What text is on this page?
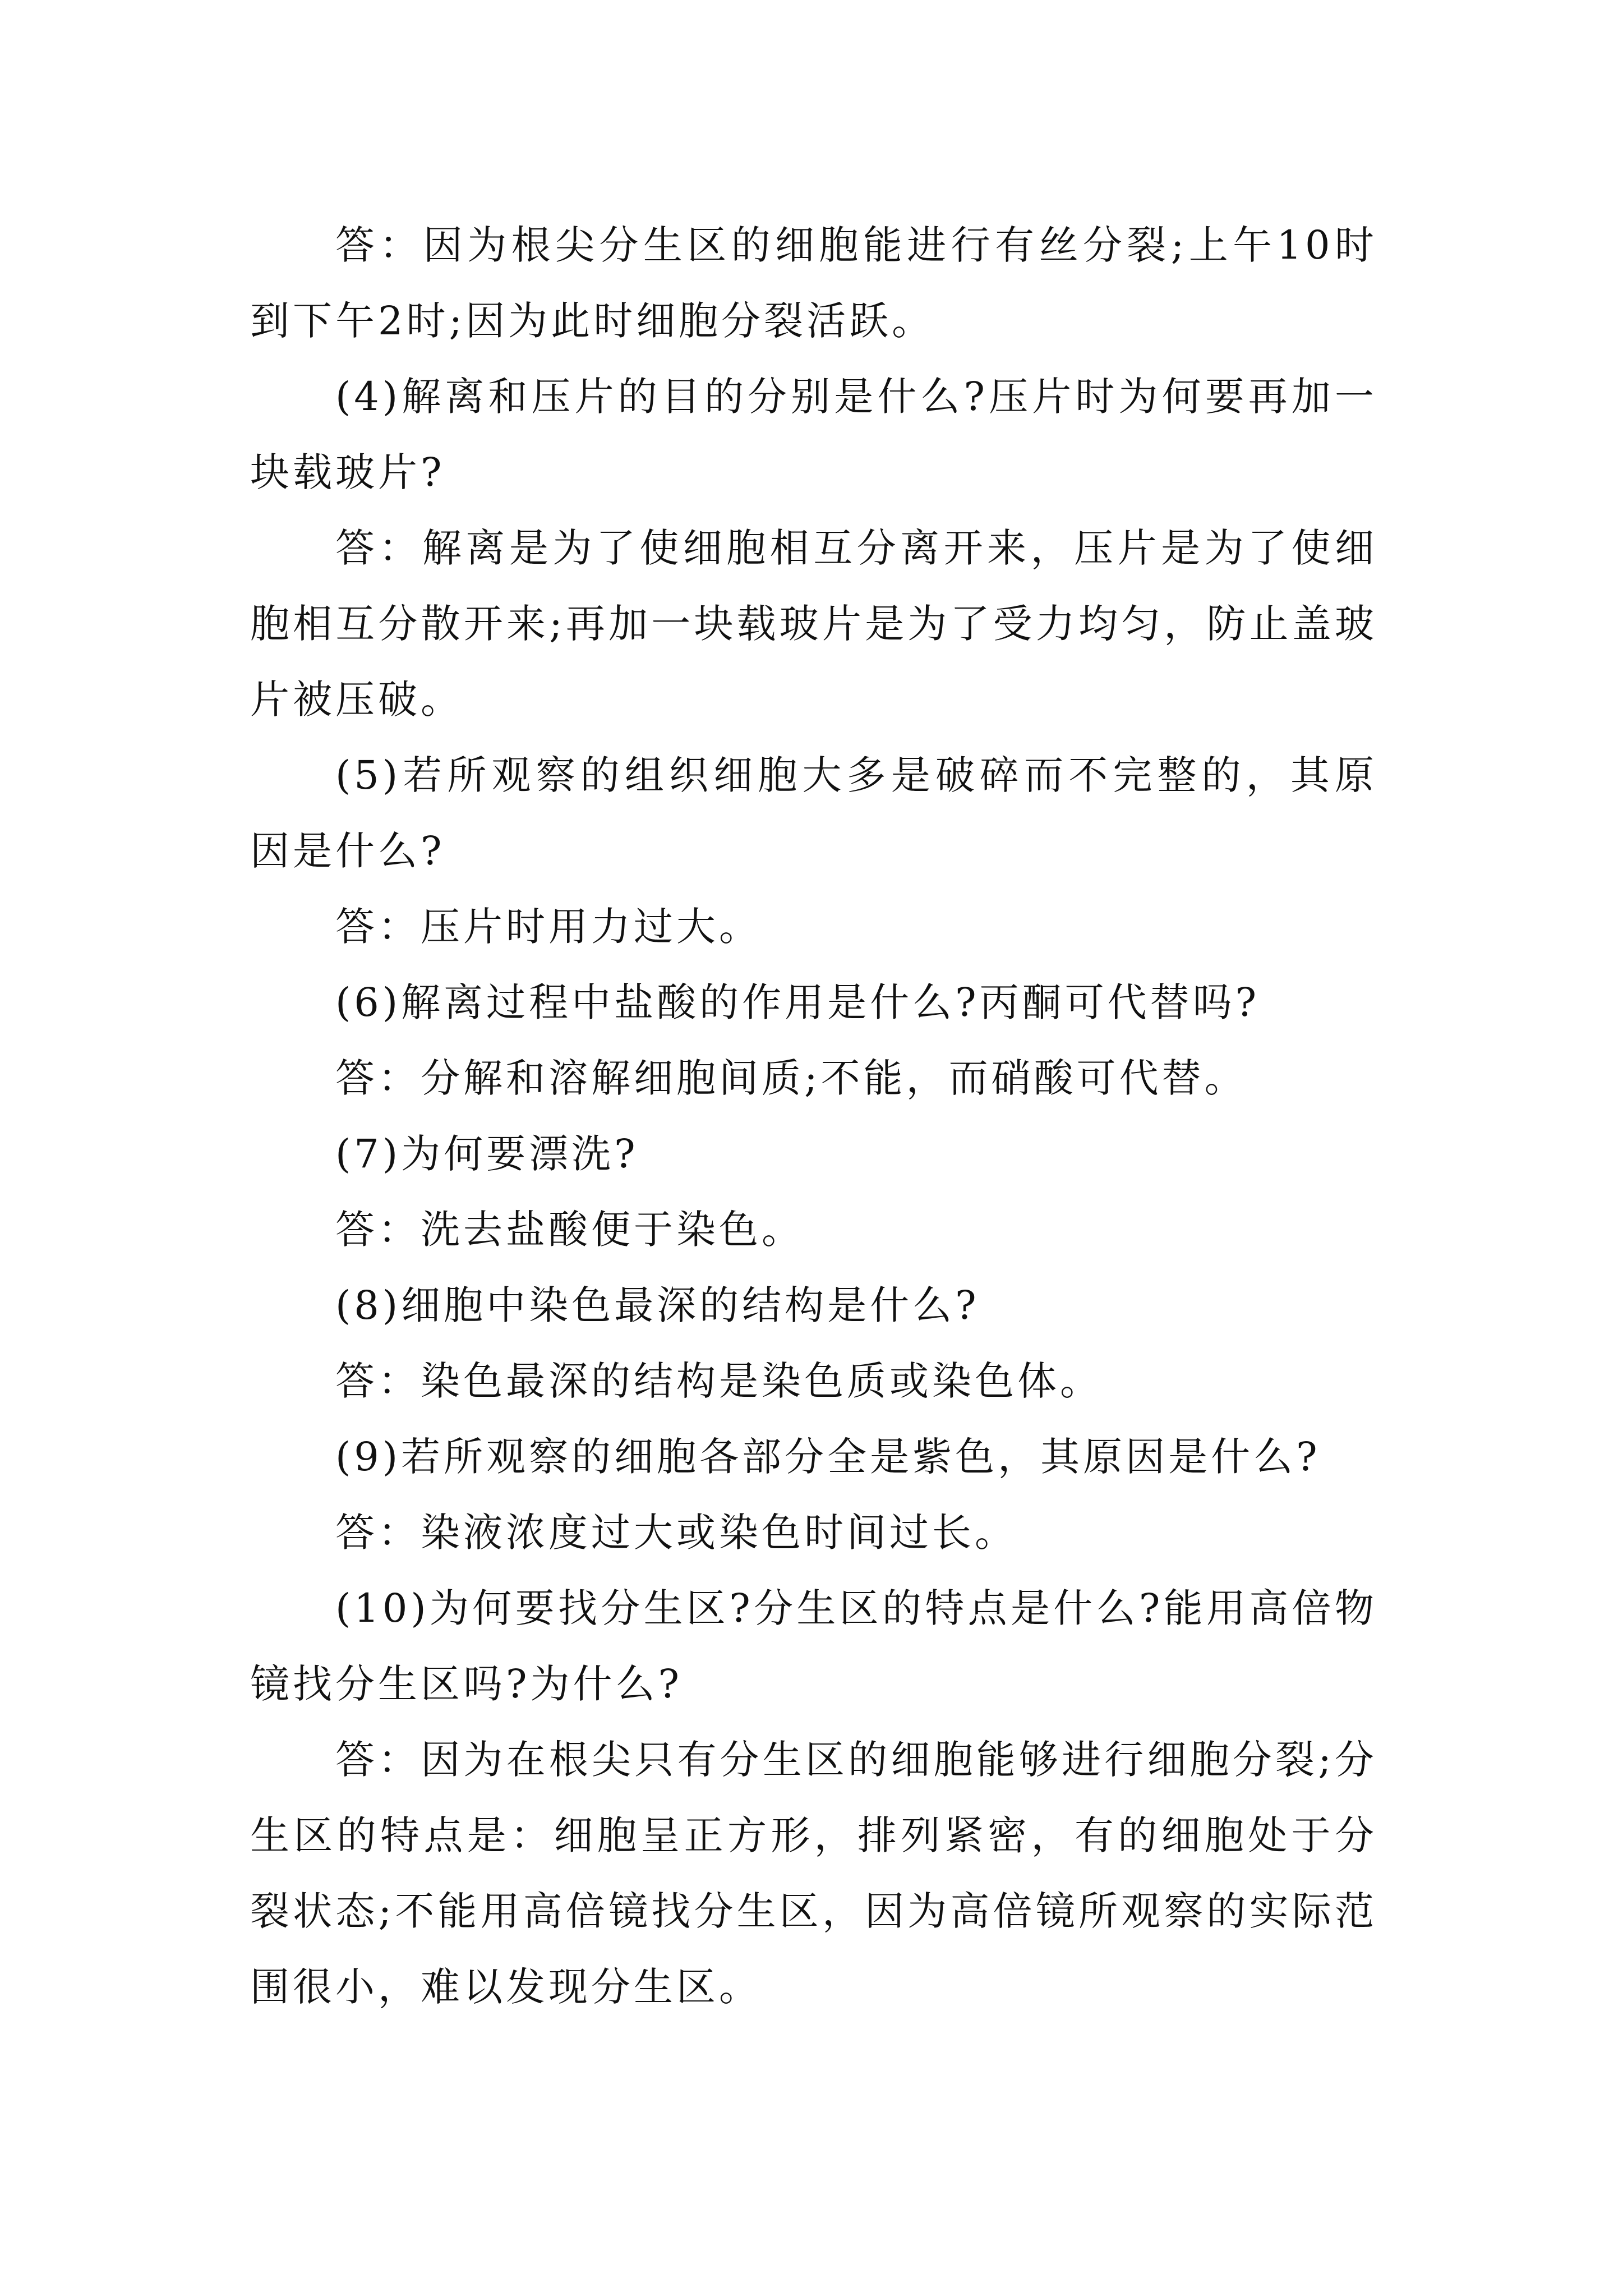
答：因为根尖分生区的细胞能进行有丝分裂;上午10时到下午2时;因为此时细胞分裂活跃。

(4)解离和压片的目的分别是什么?压片时为何要再加一块载玻片?

答：解离是为了使细胞相互分离开来，压片是为了使细胞相互分散开来;再加一块载玻片是为了受力均匀，防止盖玻片被压破。

(5)若所观察的组织细胞大多是破碎而不完整的，其原因是什么?

答：压片时用力过大。

(6)解离过程中盐酸的作用是什么?丙酮可代替吗?

答：分解和溶解细胞间质;不能，而硝酸可代替。

(7)为何要漂洗?

答：洗去盐酸便于染色。

(8)细胞中染色最深的结构是什么?

答：染色最深的结构是染色质或染色体。

(9)若所观察的细胞各部分全是紫色，其原因是什么?

答：染液浓度过大或染色时间过长。

(10)为何要找分生区?分生区的特点是什么?能用高倍物镜找分生区吗?为什么?

答：因为在根尖只有分生区的细胞能够进行细胞分裂;分生区的特点是：细胞呈正方形，排列紧密，有的细胞处于分裂状态;不能用高倍镜找分生区，因为高倍镜所观察的实际范围很小，难以发现分生区。
